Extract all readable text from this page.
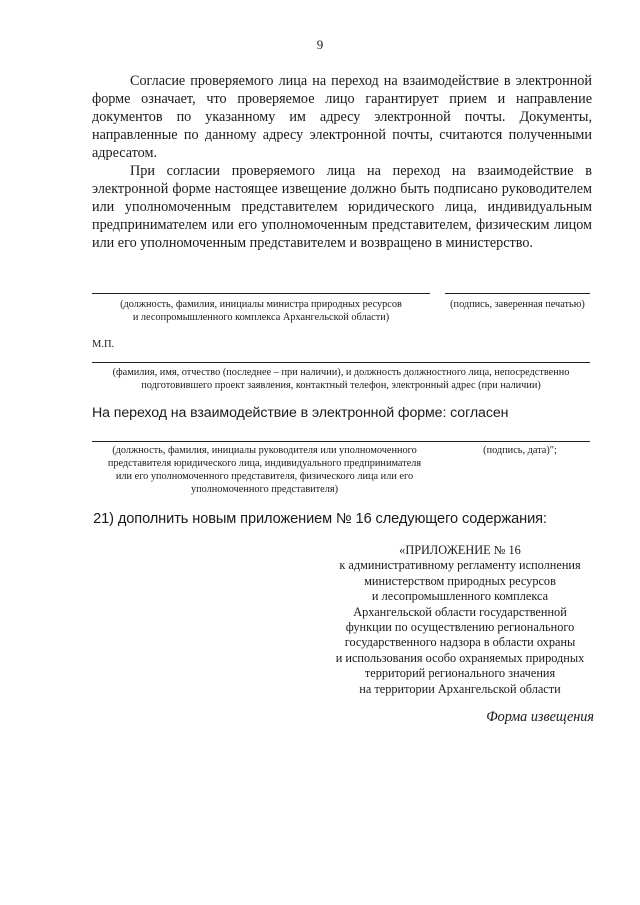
9

Согласие проверяемого лица на переход на взаимодействие в электронной форме означает, что проверяемое лицо гарантирует прием и направление документов по указанному им адресу электронной почты. Документы, направленные по данному адресу электронной почты, считаются полученными адресатом.

При согласии проверяемого лица на переход на взаимодействие в электронной форме настоящее извещение должно быть подписано руководителем или уполномоченным представителем юридического лица, индивидуальным предпринимателем или его уполномоченным представителем, физическим лицом или его уполномоченным представителем и возвращено в министерство.

(должность, фамилия, инициалы министра природных ресурсов
и лесопромышленного комплекса Архангельской области)
(подпись, заверенная печатью)
М.П.
(фамилия, имя, отчество (последнее – при наличии), и должность должностного лица, непосредственно
подготовившего проект заявления, контактный телефон, электронный адрес (при наличии)
На переход на взаимодействие в электронной форме: согласен
(должность, фамилия, инициалы руководителя или уполномоченного
представителя юридического лица, индивидуального предпринимателя
или его уполномоченного представителя, физического лица или его
уполномоченного представителя)
(подпись, дата)";
21) дополнить новым приложением № 16 следующего содержания:
«ПРИЛОЖЕНИЕ № 16
к административному регламенту исполнения
министерством природных ресурсов
и лесопромышленного комплекса
Архангельской области государственной
функции по осуществлению регионального
государственного надзора в области охраны
и использования особо охраняемых природных
территорий регионального значения
на территории Архангельской области
Форма извещения
